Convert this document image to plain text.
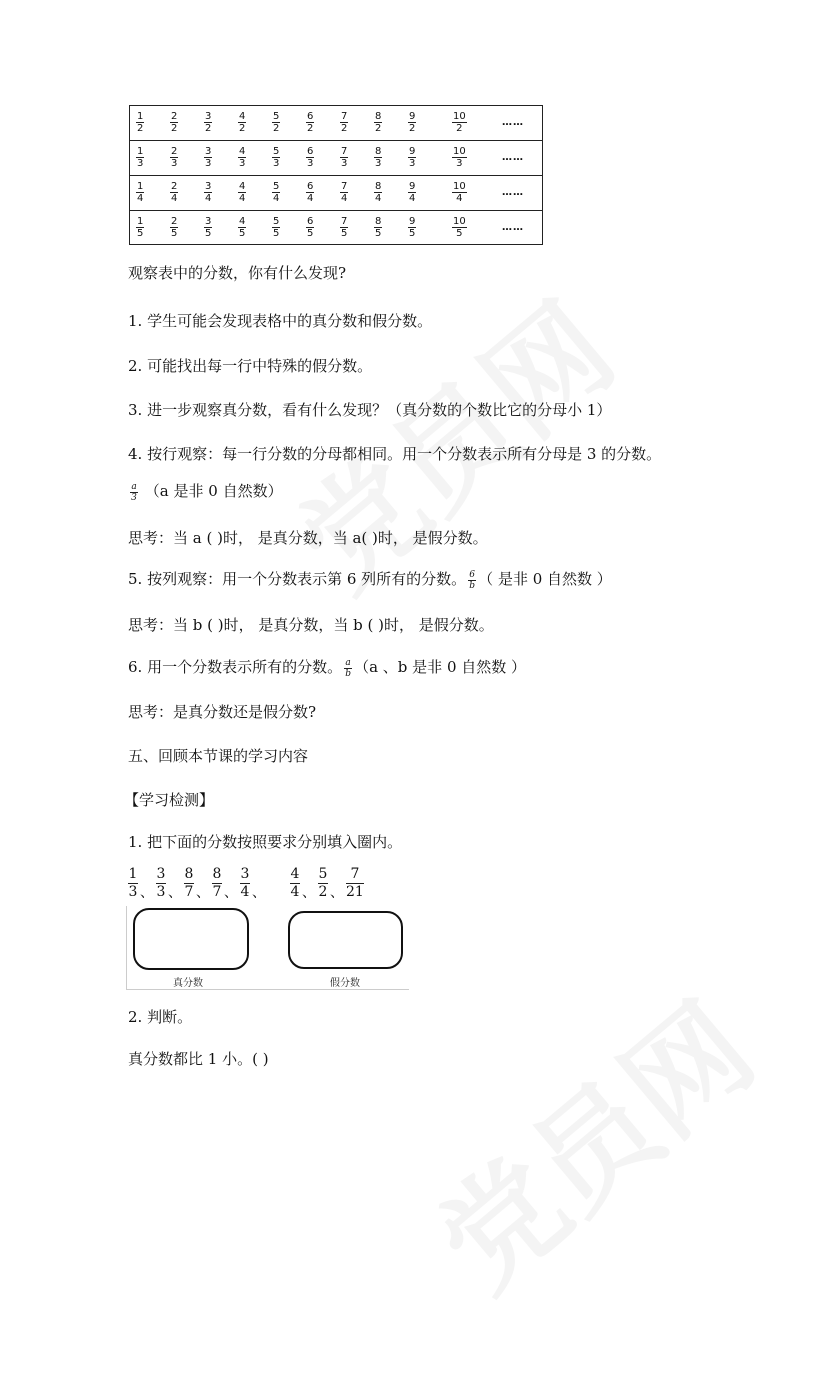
1
2
2
2
3
2
4
2
5
2
6
2
7
2
8
2
9
2
10
2
……
1
3
2
3
3
3
4
3
5
3
6
3
7
3
8
3
9
3
10
3
……
1
4
2
4
3
4
4
4
5
4
6
4
7
4
8
4
9
4
10
4
……
1
5
2
5
3
5
4
5
5
5
6
5
7
5
8
5
9
5
10
5
……
观察表中的分数，你有什么发现?
1. 学生可能会发现表格中的真分数和假分数。
2. 可能找出每一行中特殊的假分数。
3. 进一步观察真分数，看有什么发现？（真分数的个数比它的分母小 1）
4. 按行观察：每一行分数的分母都相同。用一个分数表示所有分母是 3 的分数。
$\frac{a}{3} (a$ 是非 0 自然数）
思考：当 a ( )时， 是真分数，当 a( )时， 是假分数。
5. 按列观察：用一个分数表示第 6 列所有的分数。 $\frac{6}{b}$ （ 是非 0 自然数 ）
思考：当 b ( )时， 是真分数，当 b ( )时， 是假分数。
6. 用一个分数表示所有的分数。 $\frac{a}{b} (a$ 、b 是非 0 自然数 ）
思考：是真分数还是假分数?
五、回顾本节课的学习内容
【学习检测】
1. 把下面的分数按照要求分别填入圈内。
1
3 、
3
3 、
8
7 、
8
7 、
3
4 、
4
4 、
5
2 、
7
21
真分数	假分数
2. 判断。
真分数都比 1 小。( )
